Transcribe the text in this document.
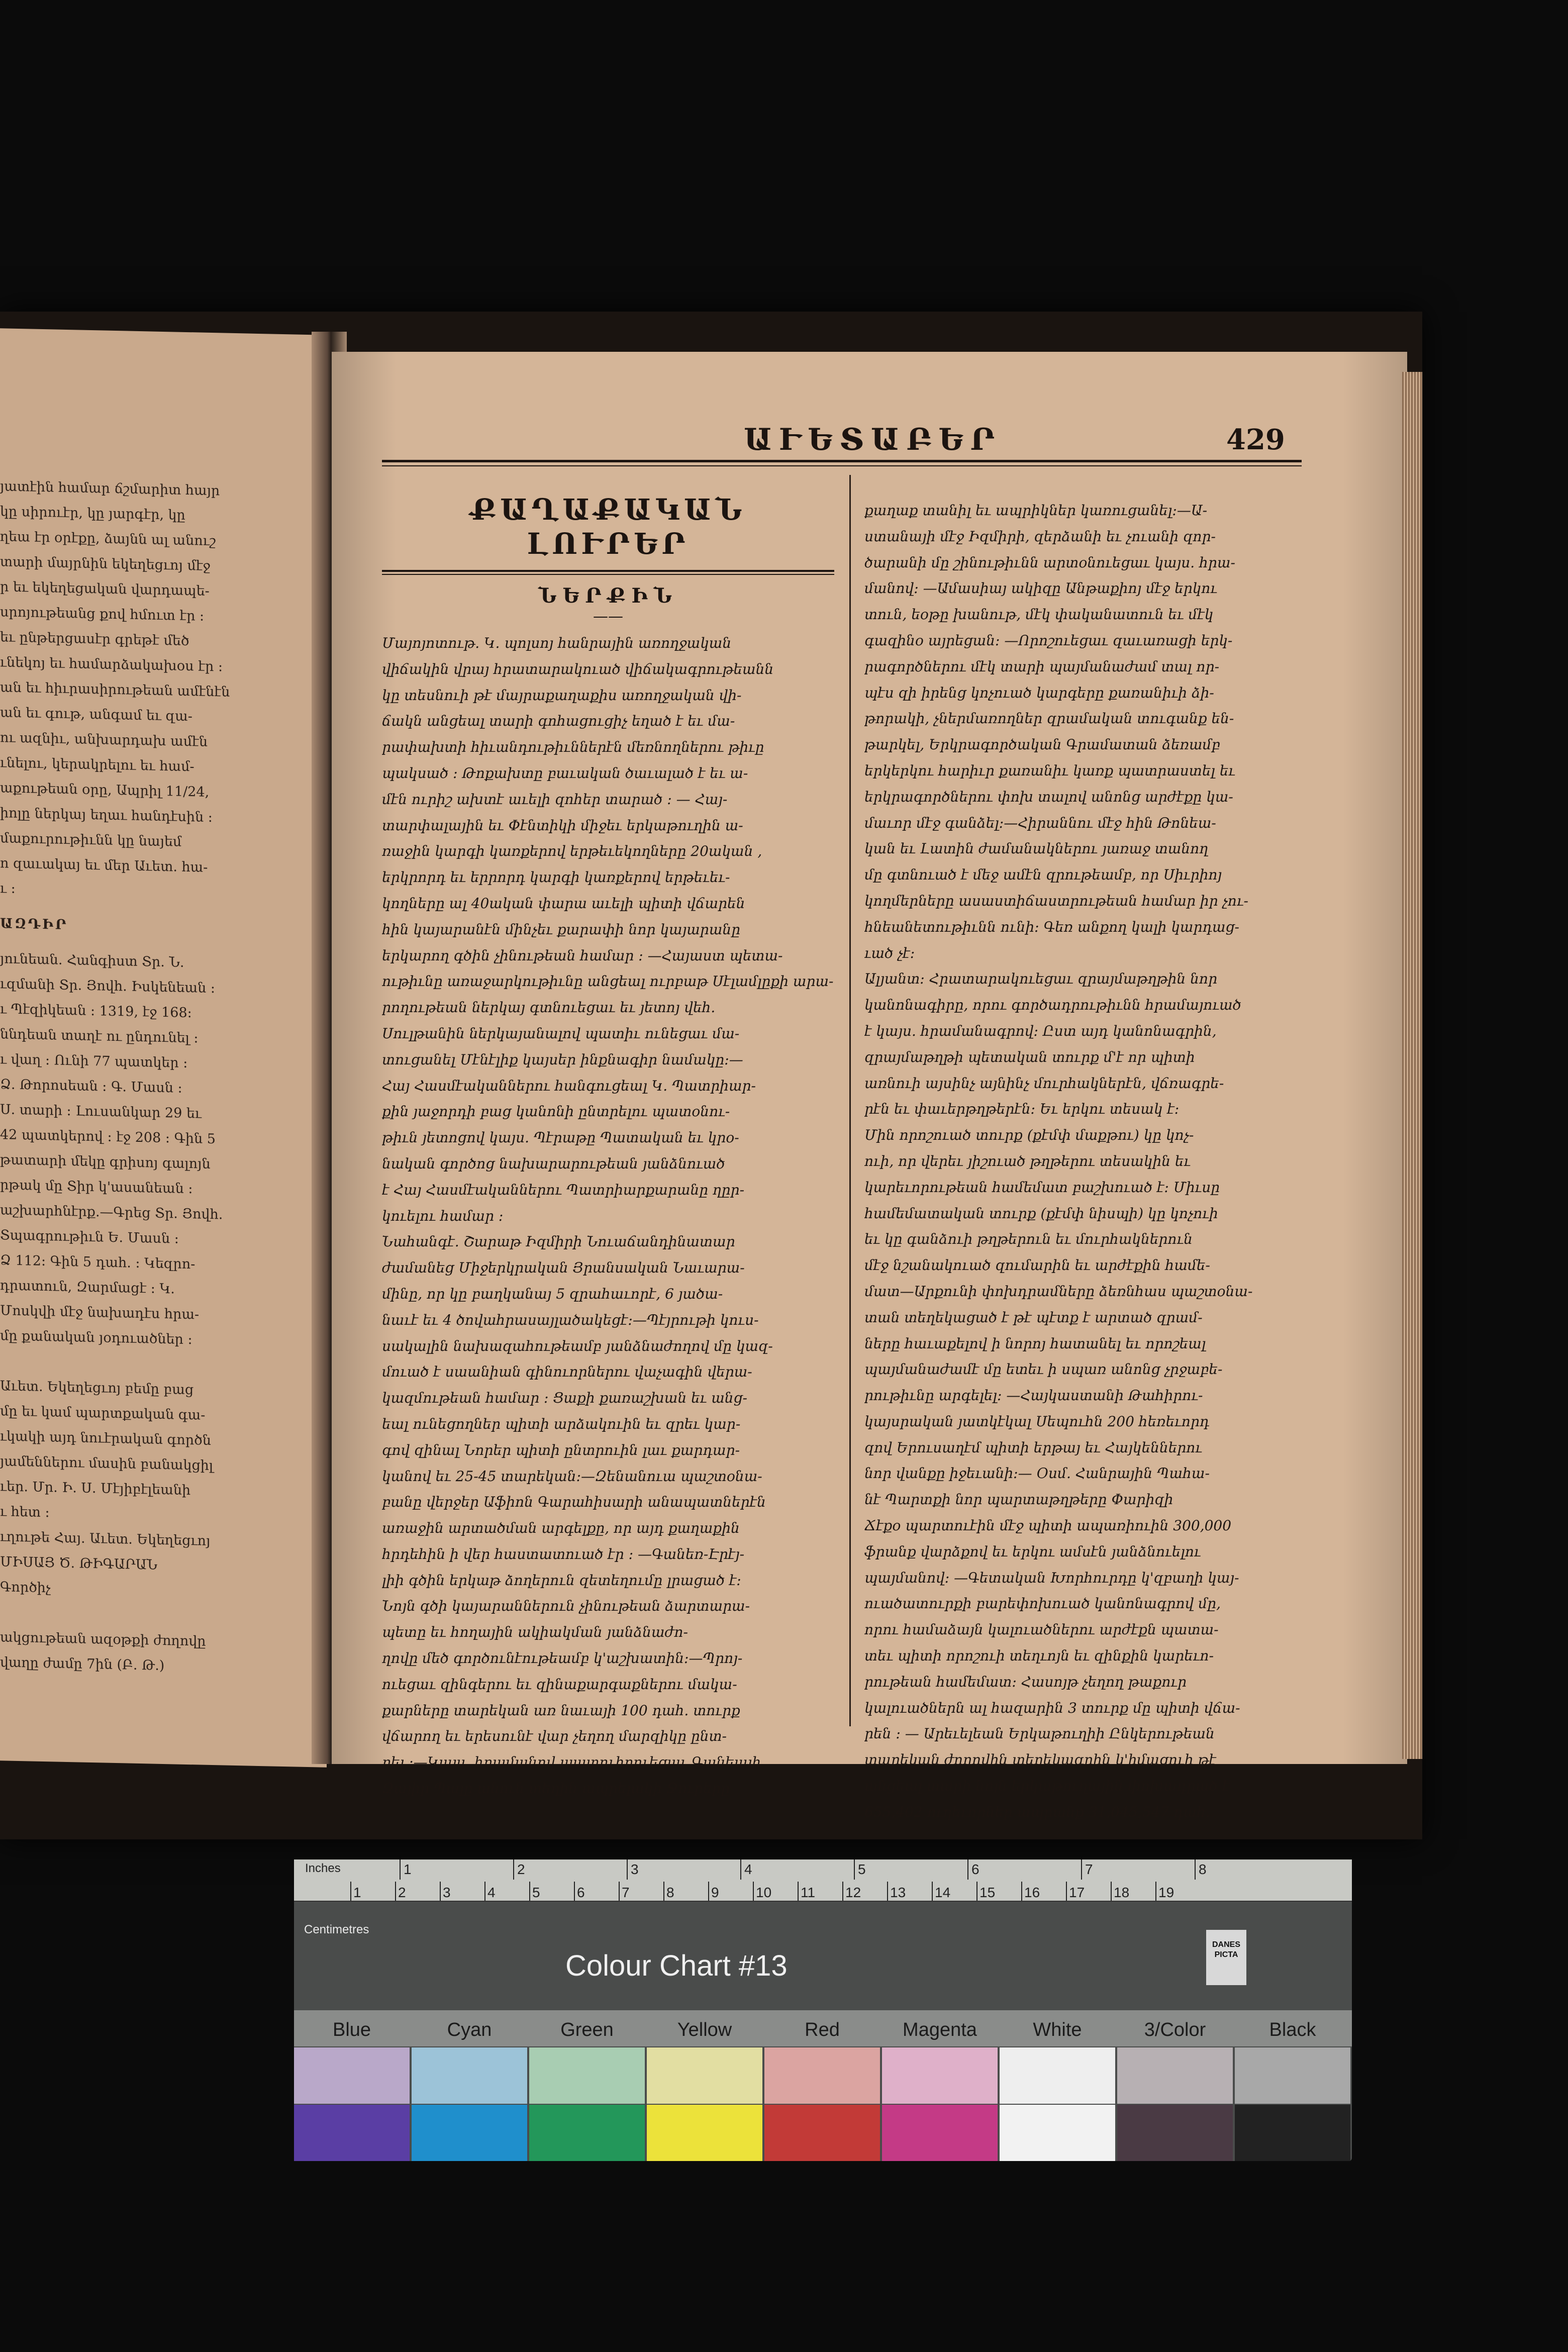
յատէին համար ճշմարիտ հայր
կը սիրուէր, կը յարգէր, կը
ղեա էր օրէքը, ձայնն ալ անուշ
տարի մայրնին եկեղեցւոյ մէջ
ր եւ եկեղեցական վարդապե-
սրոյութեանց քով հմուտ էր ։
եւ ընթերցասէր գրեթէ մեծ
ւնեկոյ եւ համարձակախօս էր ։
ան եւ հիւրասիրութեան ամէնէն
ան եւ գութ, անգամ եւ զա-
ու ազնիւ, անխարդախ ամէն
ւնելու, կերակրելու եւ համ-
աքութեան օրը, Ապրիլ 11/24,
իոլը ներկայ եղաւ հանդէսին ։
մաքուրութիւնն կը նայեմ
ո զաւակայ եւ մեր Աւետ. հա-
ւ ։
ԱԶԴԻՐ
յունեան. Հանգիստ Տր. Ն.
ւզմանի Տր. Յովհ. Իսկենեան ։
ւ Պէզիկեան ։ 1319, էջ 168։
ննդեան տաղէ ու ընդունել ։
ւ վաղ ։ Ունի 77 պատկեր ։
Ձ. Թորոսեան ։ Գ. Մասն ։
Ս. տարի ։ Լուսանկար 29 եւ
42 պատկերով ։ էջ 208 ։ Գին 5
թատարի մեկը գրիսոյ գալոյն
րթակ մը Տիր կ'ասանեան ։
աշխարհնէրք.—Գրեց Տր. Յովհ.
Տպագրութիւն Ե. Մասն ։
Ձ 112։ Գին 5 դահ. ։ Կեզրո-
դրատուն, Զարմացէ ։ Կ.
Մոսկվի մէջ նախադէս հրա-
մը քանական յօդուածներ ։

Աւետ. Եկեղեցւոյ բեմը բաց
մը եւ կամ պարտքական գա-
ւկակի այդ նուէրական գործն
յամեններու մասին բանակցիլ
ւեր. Մր. Ի. Ս. Մէյիբէլեանի
ւ հետ ։
ւղութե Հայ. Աւետ. Եկեղեցւոյ
ՄԻՍԱՅ Ծ. ԹԻԳԱՐԱՆ
Գործիչ

ակցութեան ազօթքի ժողովը
վաղը ժամը 7ին (Բ. Թ.)
ԱՒԵՏԱԲԵՐ	429
ՔԱՂԱՔԱԿԱՆ ԼՈՒՐԵՐ
ՆԵՐՔԻՆ
——
Մայոյոտութ. Կ. պոլսոյ հանրային առողջական
վիճակին վրայ հրատարակուած վիճակագրութեանն
կը տեսնուի թէ մայրաքաղաքիս առողջական վի-
ճակն անցեալ տարի գոհացուցիչ եղած է եւ մա-
րափախտի հիւանդութիւններէն մեռնողներու թիւը
պակսած ։ Թոքախտը բաւական ծաւալած է եւ ա-
մէն ուրիշ ախտէ աւելի զոհեր տարած ։ — Հայ-
տարփալային եւ Փէնտիկի միջեւ երկաթուղին ա-
ռաջին կարգի կառքերով երթեւեկողները 20ական ,
երկրորդ եւ երրորդ կարգի կառքերով երթեւեւ-
կողները ալ 40ական փարա աւելի պիտի վճարեն
հին կայարանէն մինչեւ քարափի նոր կայարանը
երկարող գծին չինութեան համար ։ —Հայաստ պետա-
ութիւնը առաջարկութիւնը անցեալ ուրբաթ Սէլամլըքի արա-
րողութեան ներկայ գտնուեցաւ եւ յետոյ վեհ.
Սուլթանին ներկայանալով պատիւ ունեցաւ մա-
տուցանել Մէնէլիք կայսեր ինքնագիր նամակը։—
Հայ Հասմէականներու հանգուցեալ Կ. Պատրիար-
քին յաջորդի բաց կանոնի ընտրելու պատօնու-
թիւն յետոցով կայս. Պէրաթը Պատական եւ կրօ-
նական գործոց նախարարութեան յանձնուած
է Հայ Հասմէականներու Պատրիարքարանը ղըր-
կուելու համար ։
Նահանգէ. Շարաթ Իզմիրի Նուաճանդինատար
ժամանեց Միջերկրական Յրանսական Նաւարա-
մինը, որ կը բաղկանայ 5 զրահաւորէ, 6 յածա-
նաւէ եւ 4 ծովահրասայլածակեցէ։—Պէյրութի կուս-
սակալին նախազահութեամբ յանձնաժողով մը կազ-
մուած է սաանիան գինուորներու վաչագին վերա-
կազմութեան համար ։ Ցաքի քառաշխան եւ անց-
եալ ունեցողներ պիտի արձակուին եւ զրեւ կար-
գով զինալ Նորեր պիտի ընտրուին լաւ քարդար-
կանով եւ 25-45 տարեկան։—Զենանուա պաշտօնա-
բանը վերջեր Աֆիոն Գարահիսարի անապատներէն
առաջին արտածման արգելքը, որ այդ քաղաքին
հրդեհին ի վեր հաստատուած էր ։ —Գանեռ-Էրէյ-
լիի գծին երկաթ ձողերուն զետեղումը լրացած է։
Նոյն գծի կայարաններուն չինութեան ձարտարա-
պետը եւ հողային ակիակման յանձնաժո-
ղովը մեծ գործունէութեամբ կ'աշխատին։—Պրոյ-
ուեցաւ զինգերու եւ զինաքարգաքներու մակա-
քարները տարեկան առ նաւայի 100 դահ. տուրք
վճարող եւ երեսունէ վար չեղող մարզիկը ընտ-
րել ։—Կայս. հրամանով պատուիրուեցաւ Գանեայի
Զայիր Պալը անուն տեղին ապրելակի Ջուրերը
քաղաք տանիլ եւ ապրիկներ կառուցանել։—Ա-
ստանայի մէջ Իզմիրի, զերձանի եւ չուանի զոր-
ծարանի մը շինութիւնն արտօնուեցաւ կայս. հրա-
մանով։ —Ամասիայ ակիզը Անթաքիոյ մէջ երկու
տուն, եօթը խանութ, մէկ փականատուն եւ մէկ
գազինօ այրեցան։ —Որոշուեցաւ զաւառացի երկ-
րագործներու մէկ տարի պայմանաժամ տալ որ-
պէս զի իրենց կոչուած կարգերը քառանիւի ձի-
թորակի, չներմառողներ զրամական տուգանք են-
թարկել, Երկրագործական Գրամատան ձեռամբ
երկերկու հարիւր քառանիւ կառք պատրաստել եւ
երկրագործներու փոխ տալով անոնց արժէքը կա-
մաւոր մէջ գանձել։—Հիրաննու մէջ հին Թոնեա-
կան եւ Լատին ժամանակներու յառաջ տանող
մը գտնուած է մեջ ամէն զրութեամբ, որ Սիւրիոյ
կողմերները ասաստիճաստրութեան համար իր չու-
հնեանետութիւնն ունի։ Գեռ անքող կալի կարդաց-
ւած չէ։
Ալյանտ։ Հրատարակուեցաւ զրայմաթղթին նոր
կանոնագիրը, որու գործադրութիւնն հրամայուած
է կայս. հրամանագրով։ Ըստ այդ կանոնագրին,
զրայմաթղթի պետական տուրք մ'է որ պիտի
առնուի այսինչ այնինչ մուրհակներէն, վճռագրե-
րէն եւ փաւերթղթերէն։ Եւ երկու տեսակ է։
Մին որոշուած տուրք (քէմփ մաքթու) կը կոչ-
ուի, որ վերեւ յիշուած թղթերու տեսակին եւ
կարեւորութեան համեմատ բաշխուած է։ Միւսը
համեմատական տուրք (քէմփ նիսպի) կը կոչուի
եւ կը գանձուի թղթերուն եւ մուրհակներուն
մէջ նշանակուած զումարին եւ արժէքին համե-
մատ—Արքունի փոխդրամները ձեռնհաս պաշտօնա-
տան տեղեկացած է թէ պէտք է արտած զրամ-
ները հաւաքելով ի նորոյ հատանել եւ որոշեալ
պայմանաժամէ մը ետեւ ի սպառ անոնց չրջաբե-
րութիւնը արգելել։ —Հայկաստանի Թահիրու-
կայսրական յատկէկալ Սեպուհն 200 հեռեւորդ
զով Երուսաղէմ պիտի երթայ եւ Հայկեններու
նոր վանքը իջեւանի։— Օսմ. Հանրային Պահա-
նէ Պարտքի նոր պարտաթղթերը Փարիզի
Ճէքօ պարտուէին մէջ պիտի ապառիուին 300,000
ֆրանք վարձքով եւ երկու ամսէն յանձնուելու
պայմանով։ —Գետական Խորհուրդը կ'զբաղի կայ-
ուածատուրքի բարեփոխուած կանոնագրով մը,
որու համաձայն կալուածներու արժէքն պատա-
տեւ պիտի որոշուի տեղւոյն եւ զինքին կարեւո-
րութեան համեմատ։ Հասոյթ չեղող թաքուր
կալուածներն ալ հազարին 3 տուրք մը պիտի վճա-
րեն ։ — Արեւելեան Երկաթուղիի Ընկերութեան
տարեկան ժողովին տեղեկագրին կ'իմացուի թէ
անցեալ տարի նոյն երկաթուղային փոխադրած է
655,402 ուղեւորներ ապրանք 31,045,547 դահ.
Inches	1	2	3	4	5	6	7	8
1	2	3	4	5	6	7	8	9	10 11 12 13 14 15 16 17 18 19
Centimetres
Colour Chart #13
DANES
PICTA
Blue	Cyan	Green	Yellow	Red	Magenta	White	3/Color	Black
